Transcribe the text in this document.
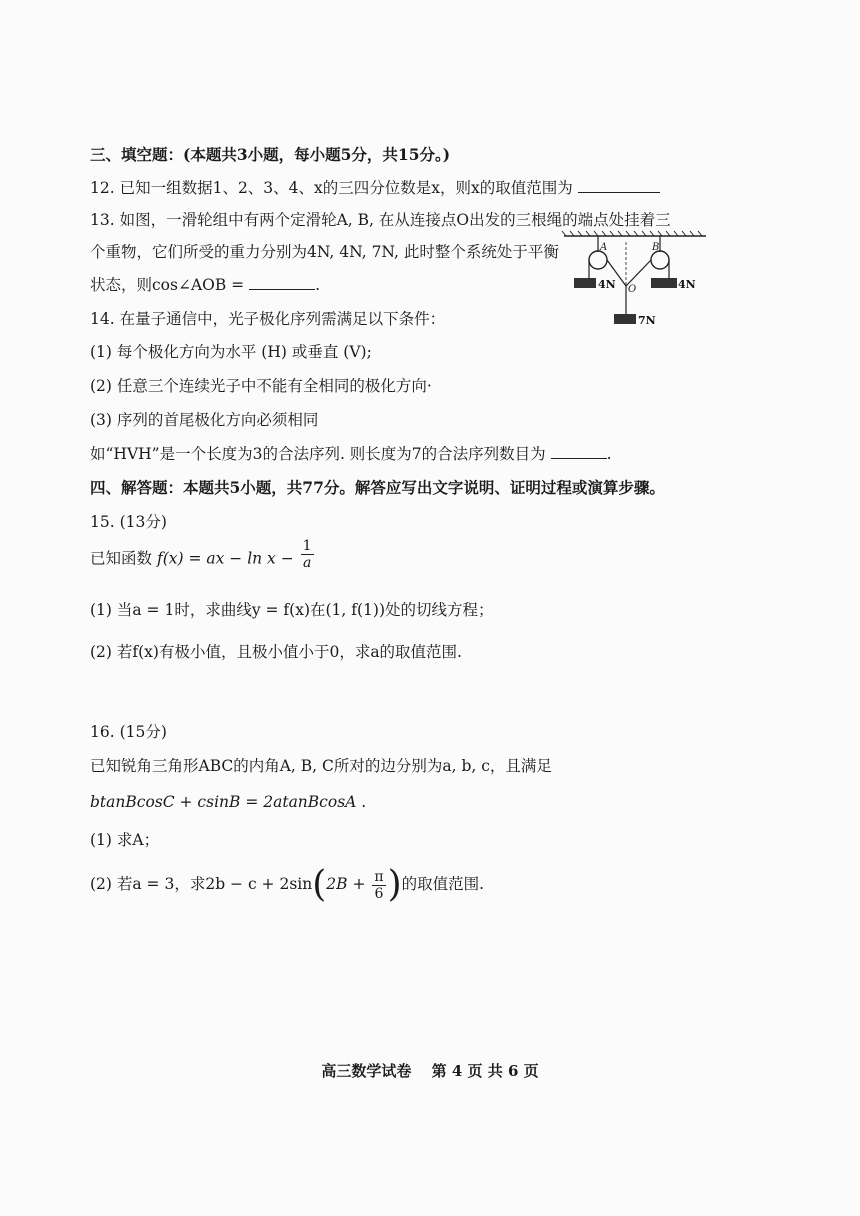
三、填空题：(本题共3小题，每小题5分，共15分。)
12. 已知一组数据1、2、3、4、x的三四分位数是x，则x的取值范围为
13. 如图，一滑轮组中有两个定滑轮A, B, 在从连接点O出发的三根绳的端点处挂着三
个重物，它们所受的重力分别为4N, 4N, 7N, 此时整个系统处于平衡
状态，则cos∠AOB =	.
A	B
4N	4N
O
7N
14. 在量子通信中，光子极化序列需满足以下条件：
(1) 每个极化方向为水平 (H) 或垂直 (V);
(2) 任意三个连续光子中不能有全相同的极化方向·
(3) 序列的首尾极化方向必须相同
如“HVH”是一个长度为3的合法序列. 则长度为7的合法序列数目为	.
四、解答题：本题共5小题，共77分。解答应写出文字说明、证明过程或演算步骤。
15. (13分)
已知函数 f(x) = ax − $\ln x - \frac{1}{a}$
(1) 当a = 1时，求曲线y = f(x)在(1, f(1))处的切线方程；
(2) 若f(x)有极小值，且极小值小于0，求a的取值范围.
16. (15分)
已知锐角三角形ABC的内角A, B, C所对的边分别为a, b, c，且满足
btanBcosC + csinB = 2atanBcosA .
(1) 求A；
(2) 若a = 3，求$2b - c + 2\sin(2B + \frac{\pi}{6}$ )的取值范围.
高三数学试卷　 第 4 页 共 6 页
